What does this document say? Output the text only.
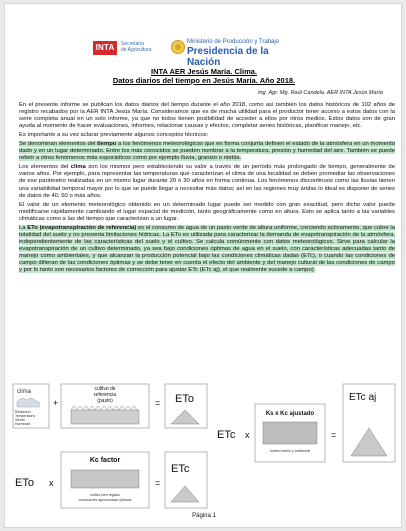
INTA	Secretaría
de Agricultura
Ministerio de Producción y Trabajo
Presidencia de la Nación
INTA AER Jesús María. Clima.
Datos diarios del tiempo en Jesús María. Año 2018.
Ing. Agr. Mg. Raúl Candela. AER INTA Jesús María

En el presente informe se publican los datos diarios del tiempo durante el año 2018, como así también los datos históricos de 102 años de registro recabados por la AER INTA Jesús María. Consideramos que es de mucha utilidad para el productor tener acceso a estos datos con la serie completa anual en un solo informe, ya que no todos tienen posibilidad de acceder a ellos por otros medios. Estos datos son de gran ayuda al momento de hacer evaluaciones, informes, relacionar causas y efectos, completar series históricas, planificar manejo, etc.

Es importante a su vez aclarar previamente algunos conceptos técnicos:

Se denominan elementos del tiempo a los fenómenos meteorológicos que en forma conjunta definen el estado de la atmósfera en un momento dado y en un lugar determinado. Entre los más conocidos se pueden nombrar a la temperatura, presión y humedad del aire. También se puede referir a otros fenómenos más esporádicos como por ejemplo lluvia, granizo o niebla.

Los elementos del clima son los mismos pero estableciendo su valor a través de un período más prolongado de tiempo, generalmente de varios años. Por ejemplo, para representar las temperaturas que caracterizan el clima de una localidad se deben promediar las observaciones de ese parámetro realizadas en un mismo lugar durante 20 ó 30 años en forma continua. Los fenómenos discontinuos como las lluvias tienen una variabilidad temporal mayor por lo que se puede llegar a necesitar más datos; así en las regiones muy áridas lo ideal es disponer de series de datos de 40, 50 o más años.

El valor de un elemento meteorológico obtenido en un determinado lugar puede ser medido con gran exactitud, pero dicho valor puede modificarse rápidamente cambiando el lugar espacial de medición, tanto geográficamente como en altura. Esto se aplica tanto a las variables climáticas como a las del tiempo que caracterizan a un lugar.

La ETo (evapotranspiración de referencia) es el consumo de agua de un pasto verde de altura uniforme, creciendo activamente, que cubre la totalidad del suelo y no presenta limitaciones hídricas. La ETo es utilizada para caracterizar la demanda de evapotranspiración de la atmósfera, independientemente de las características del suelo y el cultivo. Se calcula comúnmente con datos meteorológicos. Sirve para calcular la evapotranspiración de un cultivo determinado, ya sea bajo condiciones óptimas de agua en el suelo, con características adecuadas tanto de manejo como ambientales, y que alcanzan la producción potencial bajo las condiciones climáticas dadas (ETc), o cuando las condiciones de campo difieran de las condiciones óptimas y se debe tener en cuenta el efecto del ambiente y del manejo cultural de las condiciones de campo y por lo tanto son necesarios factores de corrección para ajustar ETc (ETc aj), el que realmente sucede a campo).

clima
Radiación
Temperatura
Viento
Humedad
+
cultivo de
referencia
(pasto)	= ETo
ETo x
Kc factor
cultivo bien regado
condiciones agronómicas óptimas
=
ETc
ETc x
Ks x Kc ajustado
estrés hídrico y ambiental
=
ETc aj
Página 1
